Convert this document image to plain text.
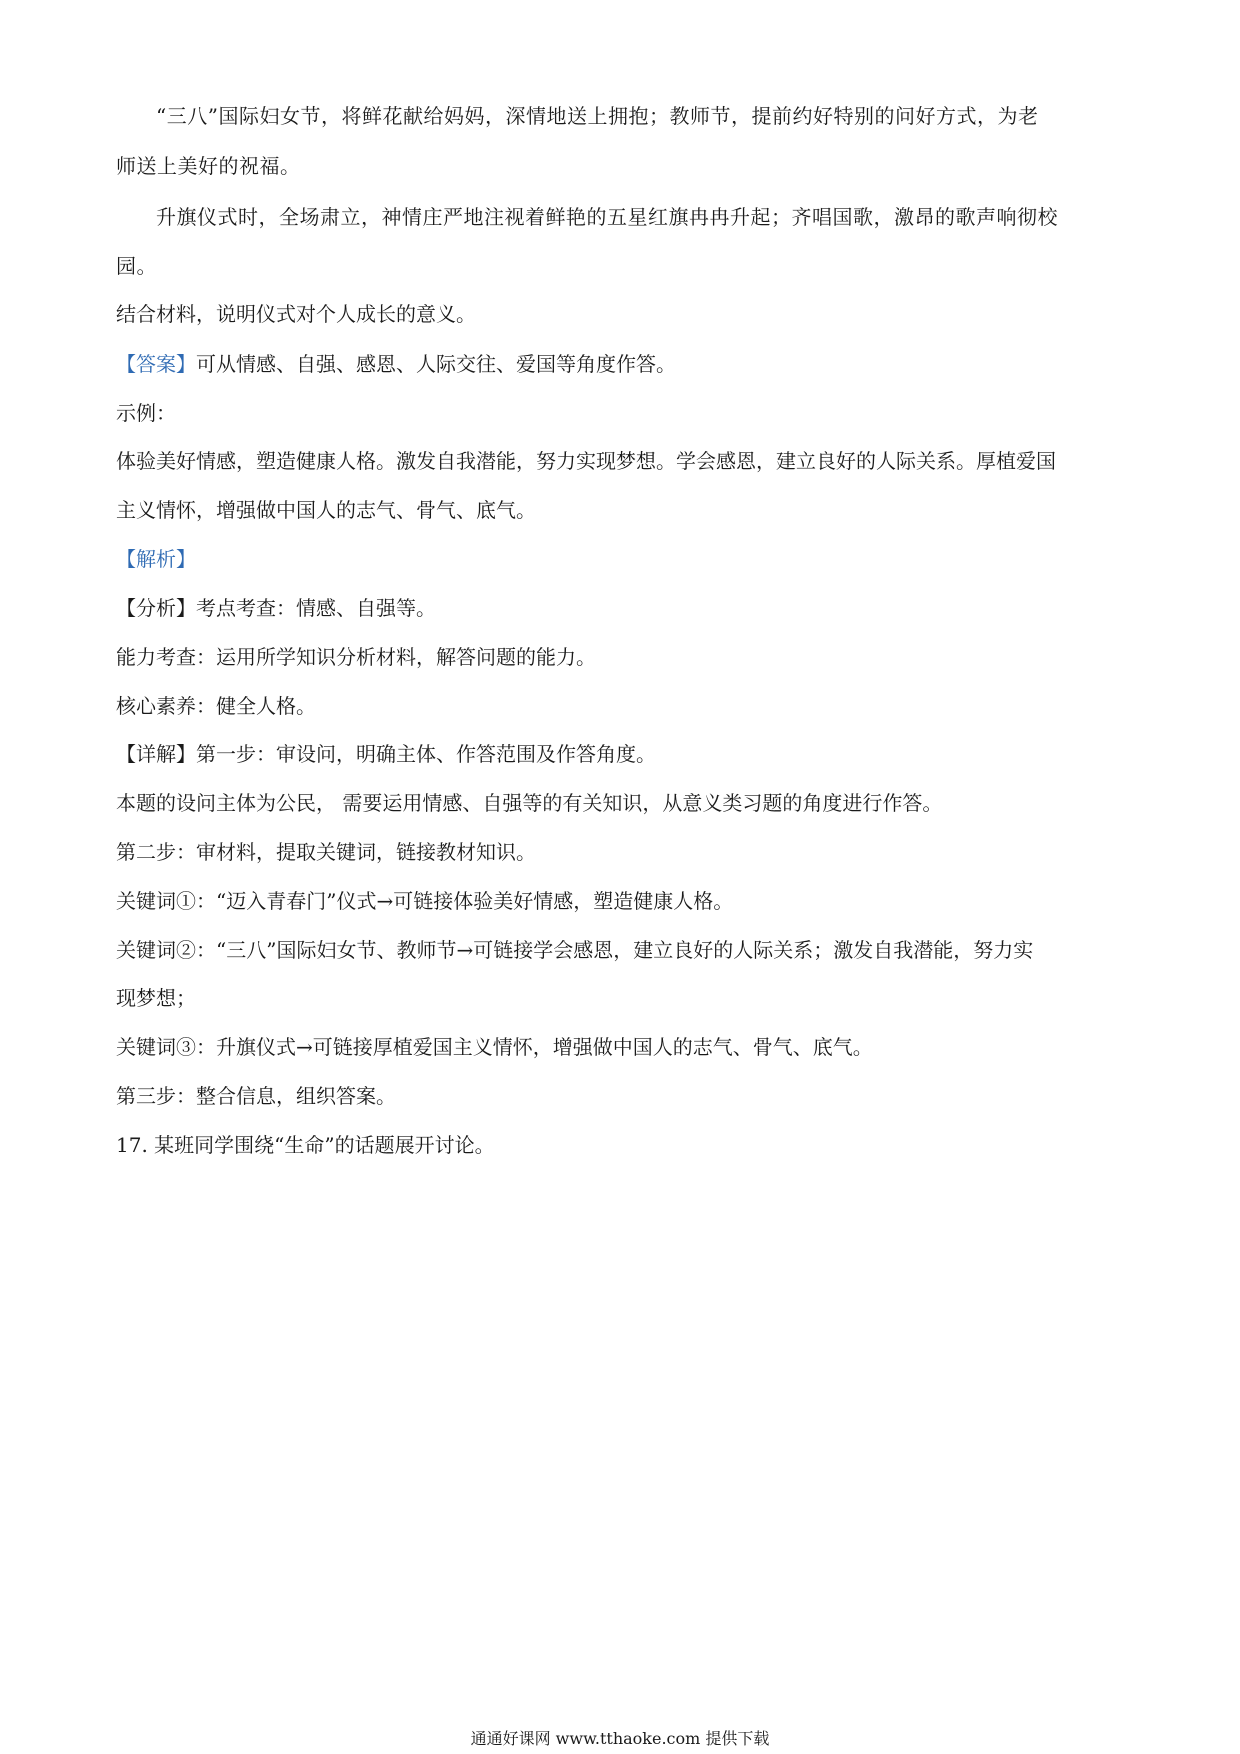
“三八”国际妇女节，将鲜花献给妈妈，深情地送上拥抱；教师节，提前约好特别的问好方式，为老

师送上美好的祝福。

升旗仪式时，全场肃立，神情庄严地注视着鲜艳的五星红旗冉冉升起；齐唱国歌，激昂的歌声响彻校

园。

结合材料，说明仪式对个人成长的意义。

【答案】可从情感、自强、感恩、人际交往、爱国等角度作答。

示例：

体验美好情感，塑造健康人格。激发自我潜能，努力实现梦想。学会感恩，建立良好的人际关系。厚植爱国

主义情怀，增强做中国人的志气、骨气、底气。

【解析】

【分析】考点考查：情感、自强等。

能力考查：运用所学知识分析材料，解答问题的能力。

核心素养：健全人格。

【详解】第一步：审设问，明确主体、作答范围及作答角度。

本题的设问主体为公民， 需要运用情感、自强等的有关知识，从意义类习题的角度进行作答。

第二步：审材料，提取关键词，链接教材知识。

关键词①：“迈入青春门”仪式→可链接体验美好情感，塑造健康人格。

关键词②：“三八”国际妇女节、教师节→可链接学会感恩，建立良好的人际关系；激发自我潜能，努力实

现梦想；

关键词③：升旗仪式→可链接厚植爱国主义情怀，增强做中国人的志气、骨气、底气。

第三步：整合信息，组织答案。

17. 某班同学围绕“生命”的话题展开讨论。

通通好课网 www.tthaoke.com 提供下载
